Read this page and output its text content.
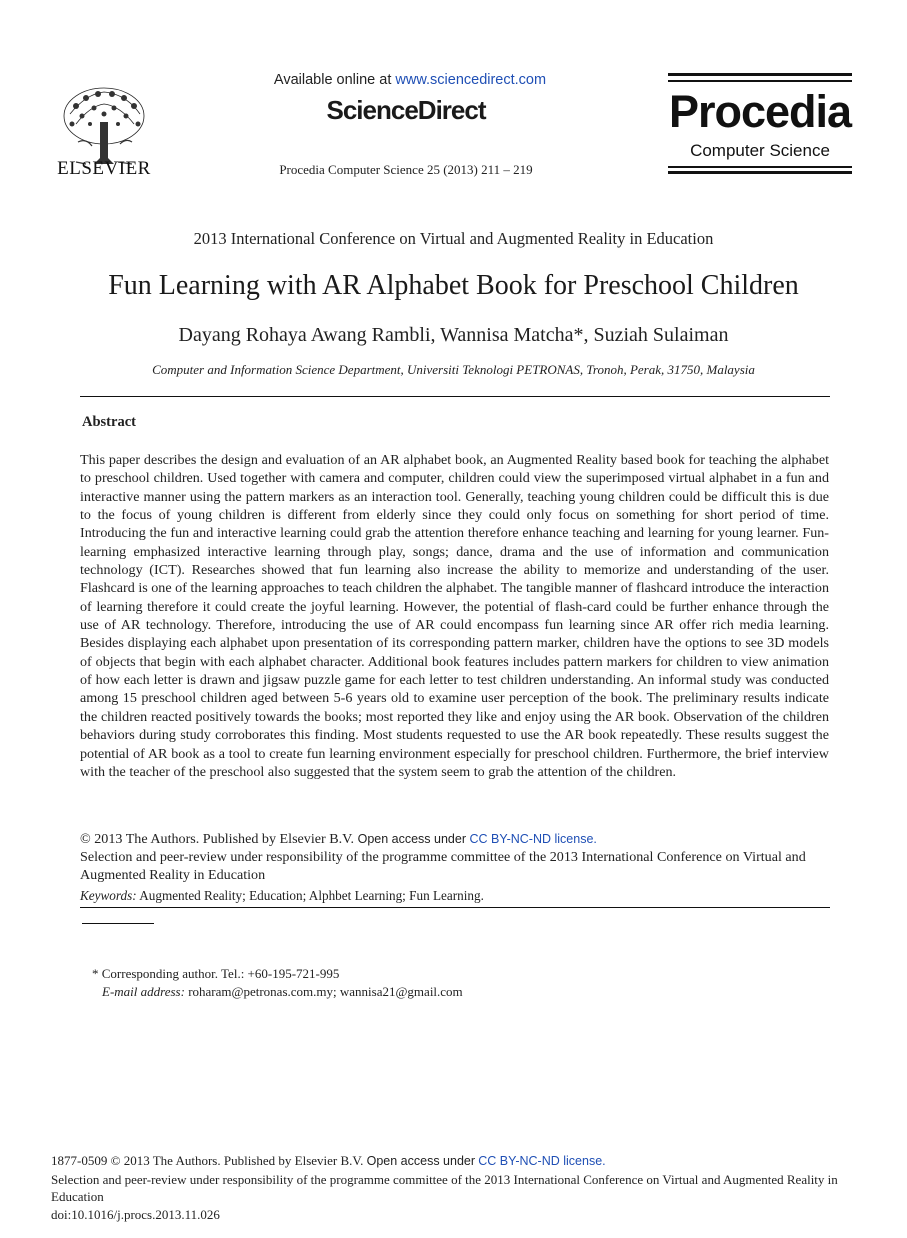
ELSEVIER
Available online at www.sciencedirect.com
ScienceDirect
Procedia Computer Science 25 (2013) 211 – 219
Procedia
Computer Science
2013 International Conference on Virtual and Augmented Reality in Education
Fun Learning with AR Alphabet Book for Preschool Children
Dayang Rohaya Awang Rambli, Wannisa Matcha*, Suziah Sulaiman
Computer and Information Science Department, Universiti Teknologi PETRONAS, Tronoh, Perak, 31750, Malaysia
Abstract
This paper describes the design and evaluation of an AR alphabet book, an Augmented Reality based book for teaching the alphabet to preschool children. Used together with camera and computer, children could view the superimposed virtual alphabet in a fun and interactive manner using the pattern markers as an interaction tool. Generally, teaching young children could be difficult this is due to the focus of young children is different from elderly since they could only focus on something for short period of time. Introducing the fun and interactive learning could grab the attention therefore enhance teaching and learning for young learner. Fun-learning emphasized interactive learning through play, songs; dance, drama and the use of information and communication technology (ICT). Researches showed that fun learning also increase the ability to memorize and understanding of the user. Flashcard is one of the learning approaches to teach children the alphabet. The tangible manner of flashcard introduce the interaction of learning therefore it could create the joyful learning. However, the potential of flash-card could be further enhance through the use of AR technology. Therefore, introducing the use of AR could encompass fun learning since AR offer rich media learning. Besides displaying each alphabet upon presentation of its corresponding pattern marker, children have the options to see 3D models of objects that begin with each alphabet character. Additional book features includes pattern markers for children to view animation of how each letter is drawn and jigsaw puzzle game for each letter to test children understanding. An informal study was conducted among 15 preschool children aged between 5-6 years old to examine user perception of the book. The preliminary results indicate the children reacted positively towards the books; most reported they like and enjoy using the AR book. Observation of the children behaviors during study corroborates this finding. Most students requested to use the AR book repeatedly. These results suggest the potential of AR book as a tool to create fun learning environment especially for preschool children. Furthermore, the brief interview with the teacher of the preschool also suggested that the system seem to grab the attention of the children.
© 2013 The Authors. Published by Elsevier B.V. Open access under CC BY-NC-ND license.
Selection and peer-review under responsibility of the programme committee of the 2013 International Conference on Virtual and Augmented Reality in Education
Keywords: Augmented Reality; Education; Alphbet Learning; Fun Learning.
* Corresponding author. Tel.: +60-195-721-995
E-mail address: roharam@petronas.com.my; wannisa21@gmail.com
1877-0509 © 2013 The Authors. Published by Elsevier B.V. Open access under CC BY-NC-ND license.
Selection and peer-review under responsibility of the programme committee of the 2013 International Conference on Virtual and Augmented Reality in Education
doi:10.1016/j.procs.2013.11.026
